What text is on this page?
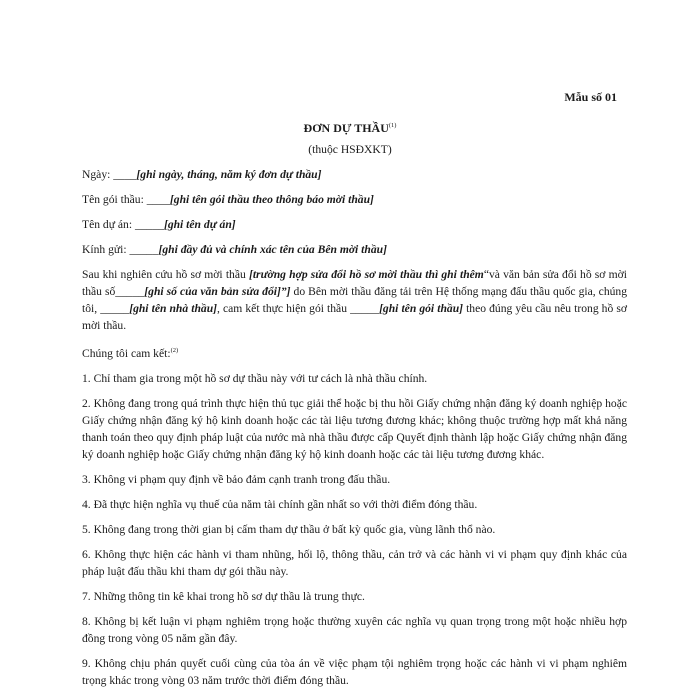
Mẫu số 01
ĐƠN DỰ THẦU$^{(1)}$
(thuộc HSĐXKT)

Ngày: ____[ghi ngày, tháng, năm ký đơn dự thầu]

Tên gói thầu: ____[ghi tên gói thầu theo thông báo mời thầu]

Tên dự án: _____[ghi tên dự án]

Kính gửi: _____[ghi đầy đủ và chính xác tên của Bên mời thầu]

Sau khi nghiên cứu hồ sơ mời thầu [trường hợp sửa đổi hồ sơ mời thầu thì ghi thêm“và văn bản sửa đổi hồ sơ mời thầu số_____[ghi số của văn bản sửa đổi]”] do Bên mời thầu đăng tải trên Hệ thống mạng đấu thầu quốc gia, chúng tôi, _____[ghi tên nhà thầu], cam kết thực hiện gói thầu _____[ghi tên gói thầu] theo đúng yêu cầu nêu trong hồ sơ mời thầu.

Chúng tôi cam kết:$^{(2)}$

1. Chỉ tham gia trong một hồ sơ dự thầu này với tư cách là nhà thầu chính.

2. Không đang trong quá trình thực hiện thủ tục giải thể hoặc bị thu hồi Giấy chứng nhận đăng ký doanh nghiệp hoặc Giấy chứng nhận đăng ký hộ kinh doanh hoặc các tài liệu tương đương khác; không thuộc trường hợp mất khả năng thanh toán theo quy định pháp luật của nước mà nhà thầu được cấp Quyết định thành lập hoặc Giấy chứng nhận đăng ký doanh nghiệp hoặc Giấy chứng nhận đăng ký hộ kinh doanh hoặc các tài liệu tương đương khác.

3. Không vi phạm quy định về bảo đảm cạnh tranh trong đấu thầu.

4. Đã thực hiện nghĩa vụ thuế của năm tài chính gần nhất so với thời điểm đóng thầu.

5. Không đang trong thời gian bị cấm tham dự thầu ở bất kỳ quốc gia, vùng lãnh thổ nào.

6. Không thực hiện các hành vi tham nhũng, hối lộ, thông thầu, cản trở và các hành vi vi phạm quy định khác của pháp luật đấu thầu khi tham dự gói thầu này.

7. Những thông tin kê khai trong hồ sơ dự thầu là trung thực.

8. Không bị kết luận vi phạm nghiêm trọng hoặc thường xuyên các nghĩa vụ quan trọng trong một hoặc nhiều hợp đồng trong vòng 05 năm gần đây.

9. Không chịu phán quyết cuối cùng của tòa án về việc phạm tội nghiêm trọng hoặc các hành vi vi phạm nghiêm trọng khác trong vòng 03 năm trước thời điểm đóng thầu.
